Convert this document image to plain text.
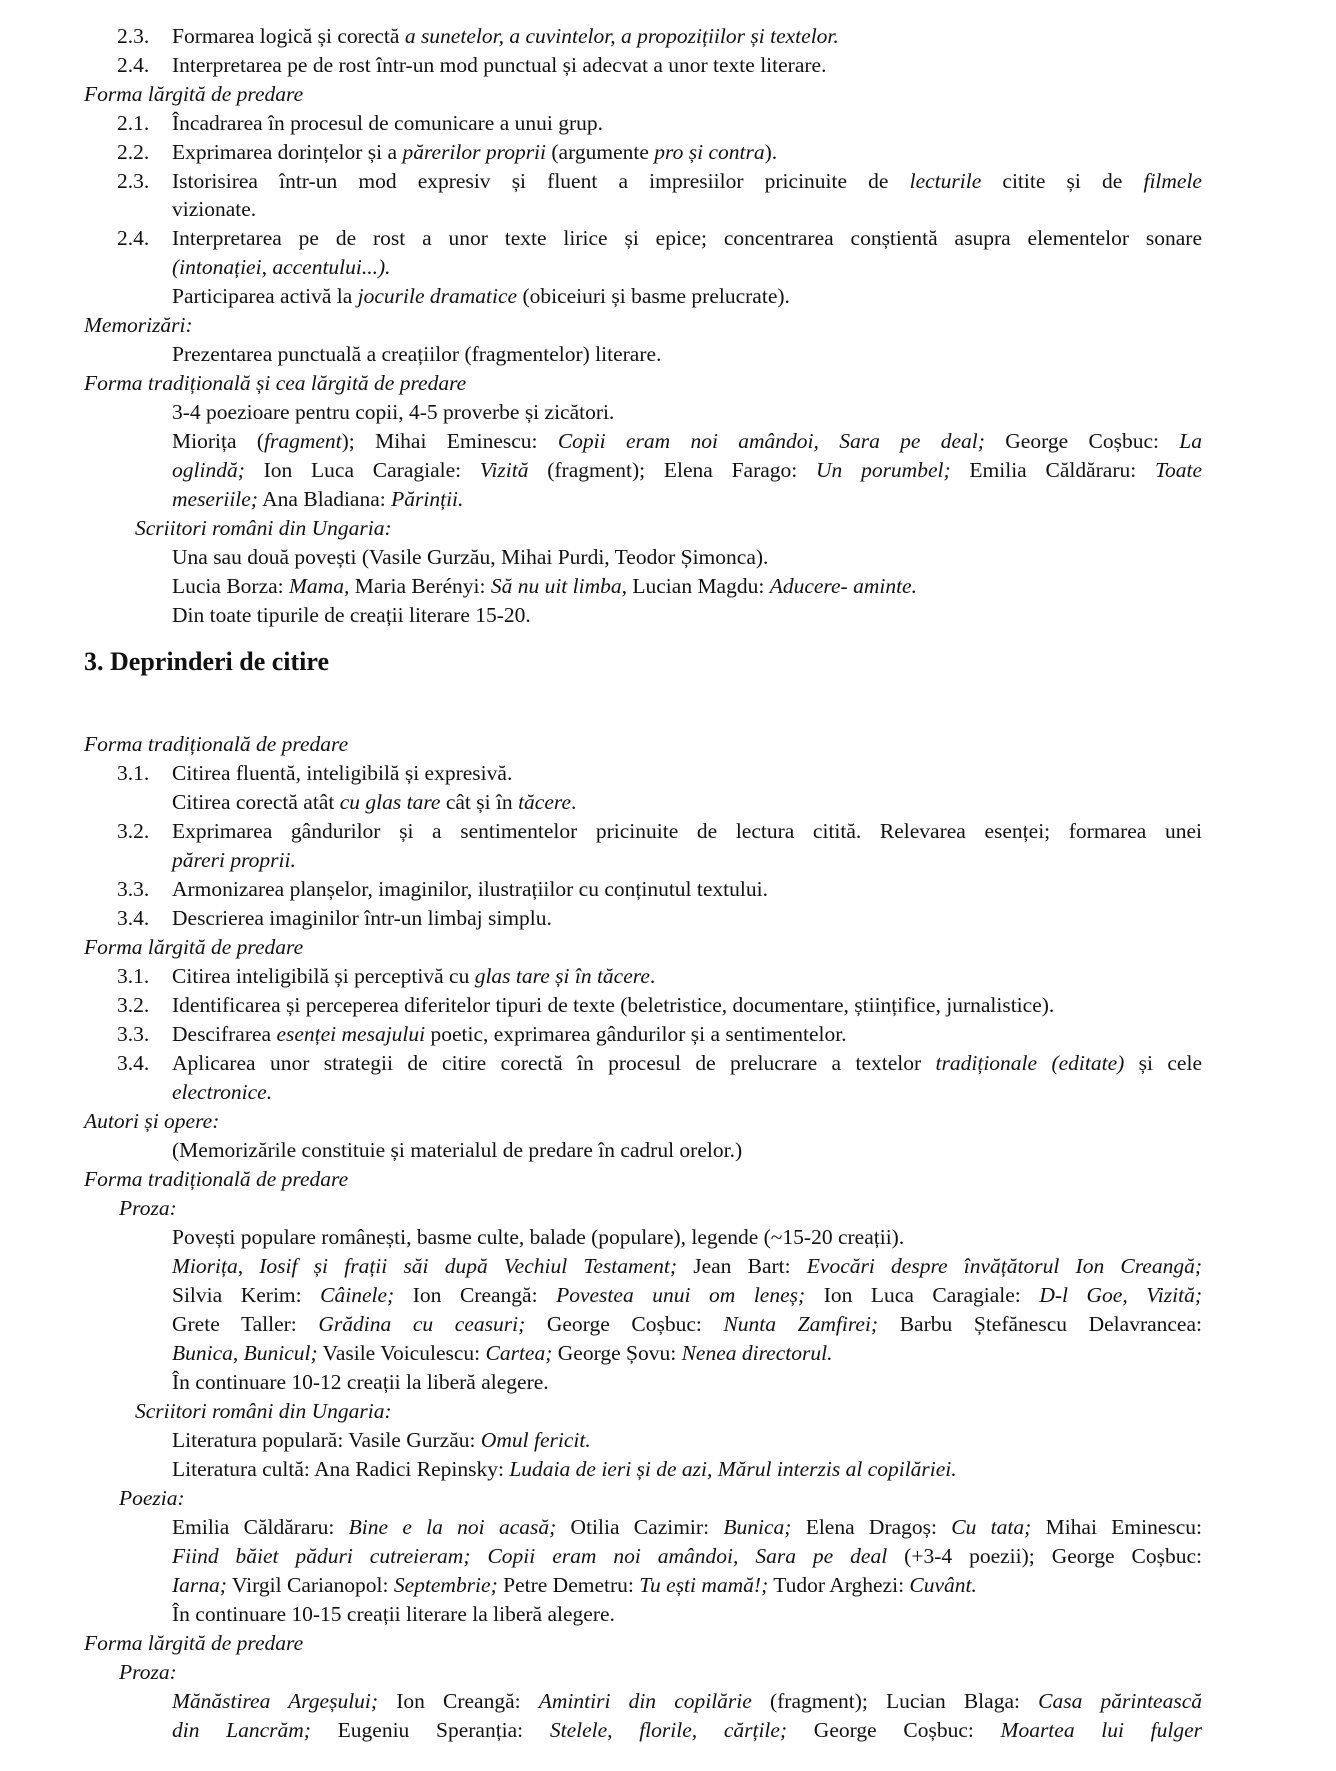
3. Deprinderi de citire
2.3. Formarea logică și corectă a sunetelor, a cuvintelor, a propozițiilor și textelor.
2.4. Interpretarea pe de rost într-un mod punctual și adecvat a unor texte literare.
Forma lărgită de predare
2.1. Încadrarea în procesul de comunicare a unui grup.
2.2. Exprimarea dorințelor și a părerilor proprii (argumente pro și contra).
2.3. Istorisirea într-un mod expresiv și fluent a impresiilor pricinuite de lecturile citite și de filmele
vizionate.
2.4. Interpretarea pe de rost a unor texte lirice și epice; concentrarea conștientă asupra elementelor sonare
(intonației, accentului...).
Participarea activă la jocurile dramatice (obiceiuri și basme prelucrate).
Memorizări:
Prezentarea punctuală a creațiilor (fragmentelor) literare.
Forma tradițională și cea lărgită de predare
3-4 poezioare pentru copii, 4-5 proverbe și zicători.
Miorița (fragment); Mihai Eminescu: Copii eram noi amândoi, Sara pe deal; George Coșbuc: La
oglindă; Ion Luca Caragiale: Vizită (fragment); Elena Farago: Un porumbel; Emilia Căldăraru: Toate
meseriile; Ana Bladiana: Părinții.
Scriitori români din Ungaria:
Una sau două povești (Vasile Gurzău, Mihai Purdi, Teodor Șimonca).
Lucia Borza: Mama, Maria Berényi: Să nu uit limba, Lucian Magdu: Aducere- aminte.
Din toate tipurile de creații literare 15-20.
Forma tradițională de predare
3.1. Citirea fluentă, inteligibilă și expresivă.
Citirea corectă atât cu glas tare cât și în tăcere.
3.2. Exprimarea gândurilor și a sentimentelor pricinuite de lectura citită. Relevarea esenței; formarea unei
păreri proprii.
3.3. Armonizarea planșelor, imaginilor, ilustrațiilor cu conținutul textului.
3.4. Descrierea imaginilor într-un limbaj simplu.
Forma lărgită de predare
3.1. Citirea inteligibilă și perceptivă cu glas tare și în tăcere.
3.2. Identificarea și perceperea diferitelor tipuri de texte (beletristice, documentare, științifice, jurnalistice).
3.3. Descifrarea esenței mesajului poetic, exprimarea gândurilor și a sentimentelor.
3.4. Aplicarea unor strategii de citire corectă în procesul de prelucrare a textelor tradiționale (editate) și cele
electronice.
Autori și opere:
(Memorizările constituie și materialul de predare în cadrul orelor.)
Forma tradițională de predare
Proza:
Povești populare românești, basme culte, balade (populare), legende (~15-20 creații).
Miorița, Iosif și frații săi după Vechiul Testament; Jean Bart: Evocări despre învățătorul Ion Creangă;
Silvia Kerim: Câinele; Ion Creangă: Povestea unui om leneș; Ion Luca Caragiale: D-l Goe, Vizită;
Grete Taller: Grădina cu ceasuri; George Coșbuc: Nunta Zamfirei; Barbu Ștefănescu Delavrancea:
Bunica, Bunicul; Vasile Voiculescu: Cartea; George Șovu: Nenea directorul.
În continuare 10-12 creații la liberă alegere.
Scriitori români din Ungaria:
Literatura populară: Vasile Gurzău: Omul fericit.
Literatura cultă: Ana Radici Repinsky: Ludaia de ieri și de azi, Mărul interzis al copilăriei.
Poezia:
Emilia Căldăraru: Bine e la noi acasă; Otilia Cazimir: Bunica; Elena Dragoș: Cu tata; Mihai Eminescu:
Fiind băiet păduri cutreieram; Copii eram noi amândoi, Sara pe deal (+3-4 poezii); George Coșbuc:
Iarna; Virgil Carianopol: Septembrie; Petre Demetru: Tu ești mamă!; Tudor Arghezi: Cuvânt.
În continuare 10-15 creații literare la liberă alegere.
Forma lărgită de predare
Proza:
Mănăstirea Argeșului; Ion Creangă: Amintiri din copilărie (fragment); Lucian Blaga: Casa părintească
din Lancrăm; Eugeniu Speranția: Stelele, florile, cărțile; George Coșbuc: Moartea lui fulger
